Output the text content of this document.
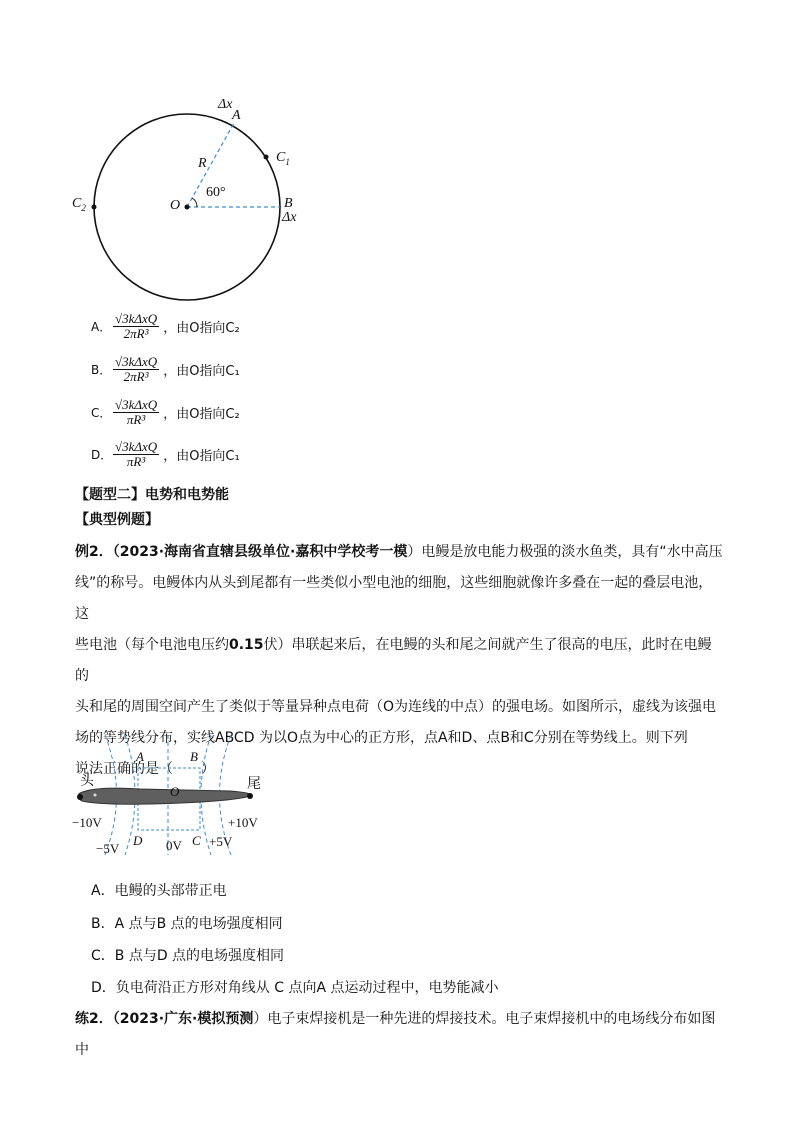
Δx
A
$C_1$
R
60°
$C_2$	O	B
Δx
A． $\frac{\text{√3kΔxQ}}{\text{2πR³}}$ ，由O指向C₂
B． $\frac{\text{√3kΔxQ}}{\text{2πR³}}$ ，由O指向C₁
C． $\frac{\text{√3kΔxQ}}{\text{πR³}}$ ，由O指向C₂
D． $\frac{\text{√3kΔxQ}}{\text{πR³}}$ ，由O指向C₁
【题型二】电势和电势能
【典型例题】
例2．（2023·海南省直辖县级单位·嘉积中学校考一模）电鳗是放电能力极强的淡水鱼类，具有“水中高压
线”的称号。电鳗体内从头到尾都有一些类似小型电池的细胞，这些细胞就像许多叠在一起的叠层电池，这
些电池（每个电池电压约0.15伏）串联起来后，在电鳗的头和尾之间就产生了很高的电压，此时在电鳗的
头和尾的周围空间产生了类似于等量异种点电荷（O为连线的中点）的强电场。如图所示，虚线为该强电
场的等势线分布，实线ABCD 为以O点为中心的正方形，点A和D、点B和C分别在等势线上。则下列
说法正确的是（　　）
头	尾
A	B
O
D	C
−10V	+10V
−5V	0V +5V
A．电鳗的头部带正电
B．A 点与B 点的电场强度相同
C．B 点与D 点的电场强度相同
D．负电荷沿正方形对角线从 C 点向A 点运动过程中，电势能减小
练2．（2023·广东·模拟预测）电子束焊接机是一种先进的焊接技术。电子束焊接机中的电场线分布如图中
